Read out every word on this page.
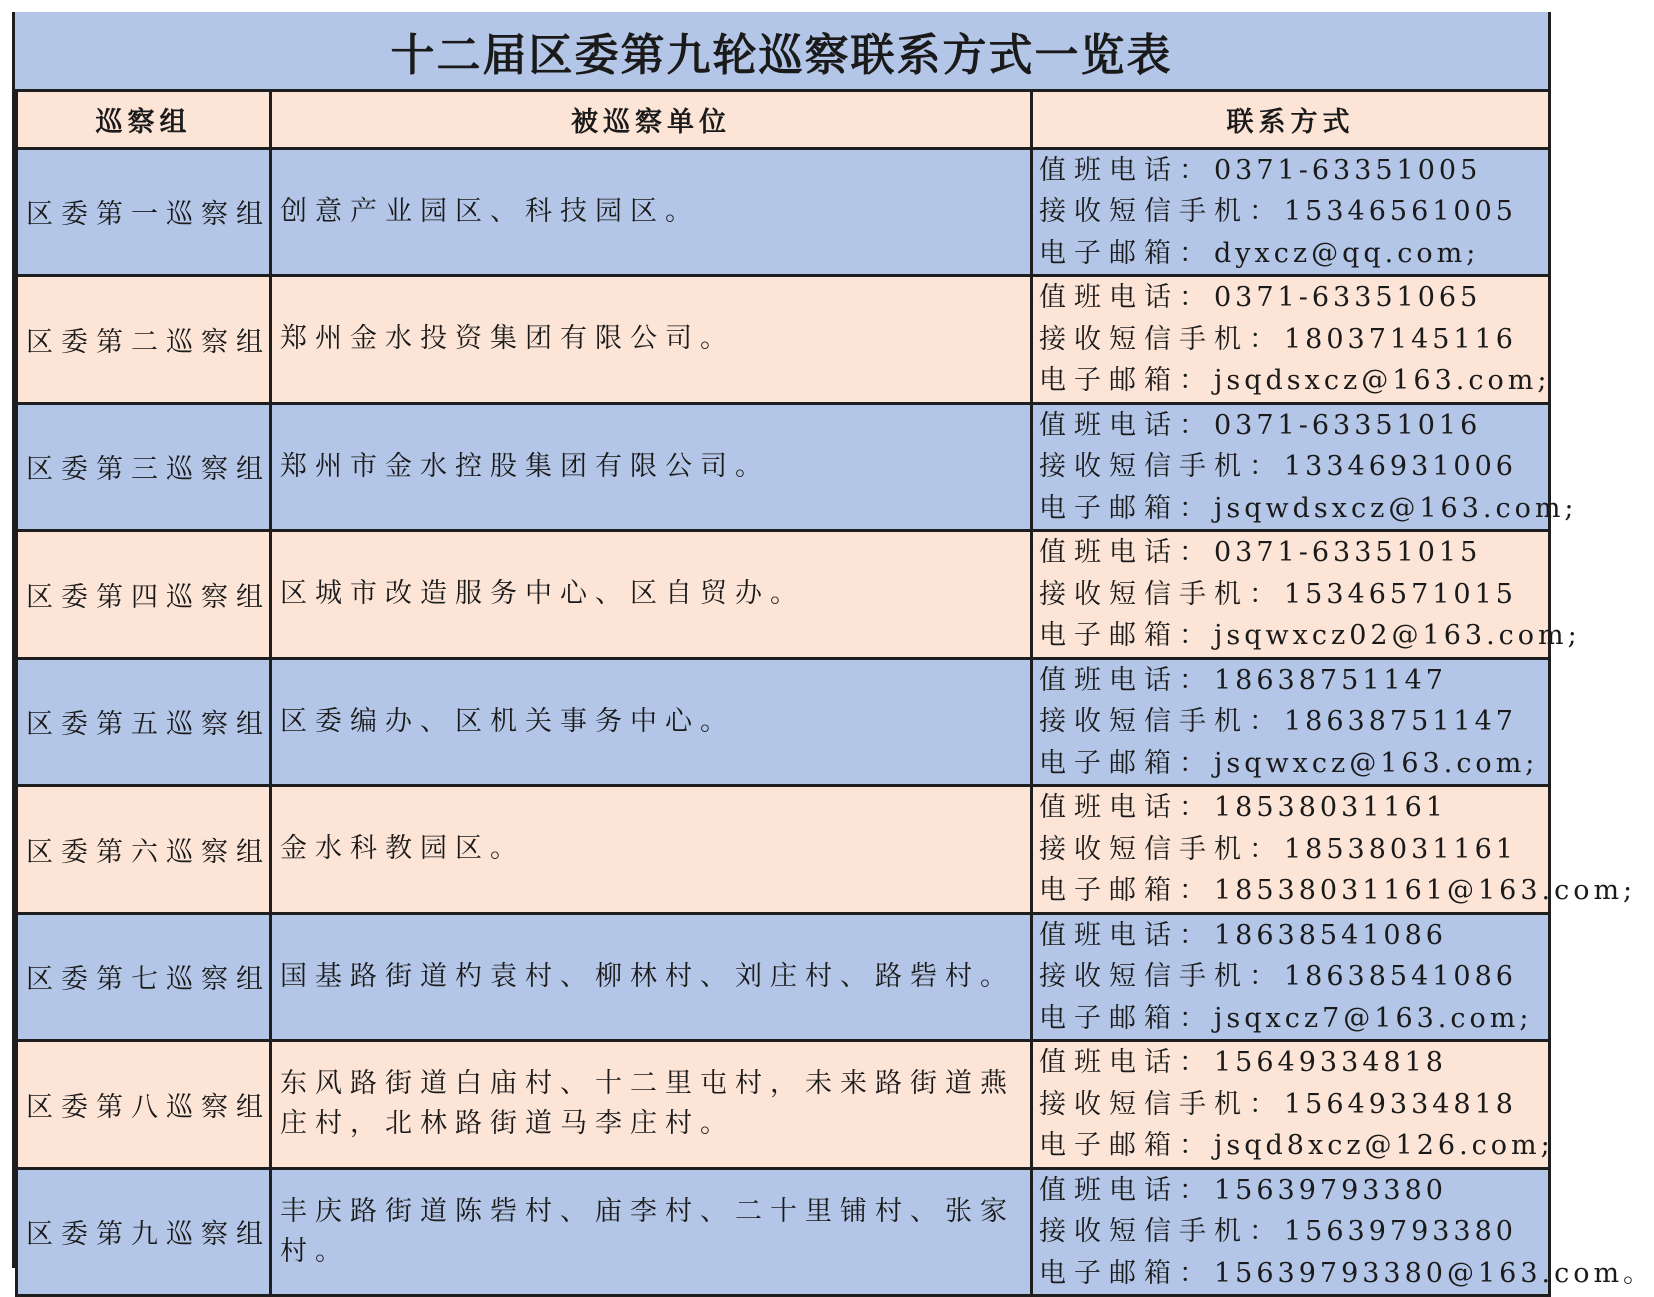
十二届区委第九轮巡察联系方式一览表
巡察组	被巡察单位	联系方式
区委第一巡察组	创意产业园区、科技园区。	值班电话：0371-63351005
接收短信手机：15346561005
电子邮箱：dyxcz@qq.com;

区委第二巡察组	郑州金水投资集团有限公司。	值班电话：0371-63351065
接收短信手机：18037145116
电子邮箱：jsqdsxcz@163.com;

区委第三巡察组	郑州市金水控股集团有限公司。	值班电话：0371-63351016
接收短信手机：13346931006
电子邮箱：jsqwdsxcz@163.com;

区委第四巡察组	区城市改造服务中心、区自贸办。	值班电话：0371-63351015
接收短信手机：15346571015
电子邮箱：jsqwxcz02@163.com;

区委第五巡察组	区委编办、区机关事务中心。	值班电话：18638751147
接收短信手机：18638751147
电子邮箱：jsqwxcz@163.com;

区委第六巡察组	金水科教园区。	值班电话：18538031161
接收短信手机：18538031161
电子邮箱：18538031161@163.com;

区委第七巡察组	国基路街道杓袁村、柳林村、刘庄村、路砦村。	值班电话：18638541086
接收短信手机：18638541086
电子邮箱：jsqxcz7@163.com;

区委第八巡察组	东风路街道白庙村、十二里屯村，未来路街道燕庄村，北林路街道马李庄村。	值班电话：15649334818
接收短信手机：15649334818
电子邮箱：jsqd8xcz@126.com;

区委第九巡察组	丰庆路街道陈砦村、庙李村、二十里铺村、张家村。	值班电话：15639793380
接收短信手机：15639793380
电子邮箱：15639793380@163.com。
